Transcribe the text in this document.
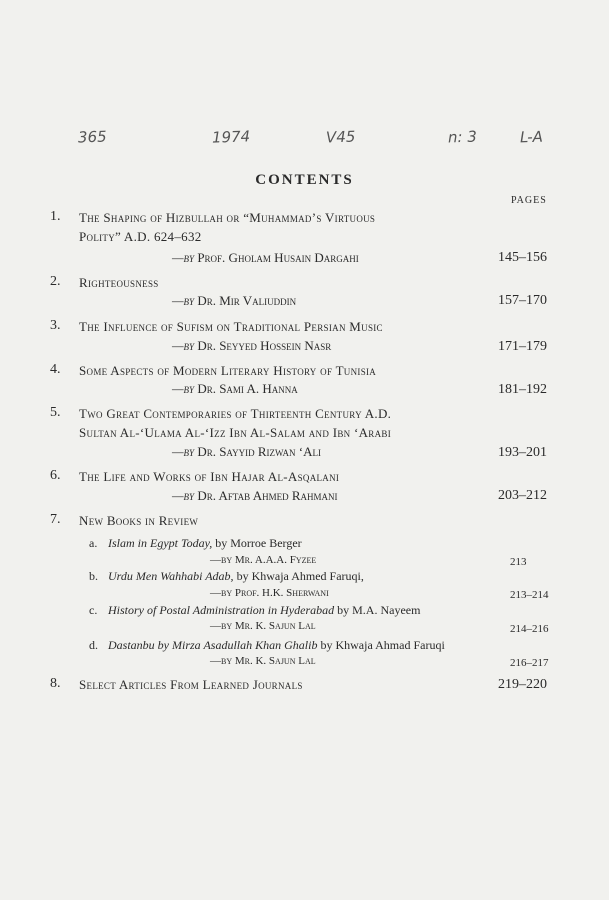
365	1974	V45	n: 3	L-A
CONTENTS
PAGES
1. The Shaping of Hizbullah or “Muhammad’s Virtuous
Polity” A.D. 624–632
—by Prof. Gholam Husain Dargahi	145–156
2. Righteousness
—by Dr. Mir Valiuddin	157–170
3. The Influence of Sufism on Traditional Persian Music
—by Dr. Seyyed Hossein Nasr	171–179
4. Some Aspects of Modern Literary History of Tunisia
—by Dr. Sami A. Hanna	181–192
5. Two Great Contemporaries of Thirteenth Century A.D.
Sultan Al-‘Ulama Al-‘Izz Ibn Al-Salam and Ibn ‘Arabi
—by Dr. Sayyid Rizwan ‘Ali	193–201
6. The Life and Works of Ibn Hajar Al-Asqalani
—by Dr. Aftab Ahmed Rahmani	203–212
7. New Books in Review
a. Islam in Egypt Today, by Morroe Berger
—by Mr. A.A.A. Fyzee	213
b. Urdu Men Wahhabi Adab, by Khwaja Ahmed Faruqi,
—by Prof. H.K. Sherwani	213–214
c. History of Postal Administration in Hyderabad by M.A. Nayeem
—by Mr. K. Sajun Lal	214–216
d. Dastanbu by Mirza Asadullah Khan Ghalib by Khwaja Ahmad Faruqi
—by Mr. K. Sajun Lal	216–217
8. Select Articles From Learned Journals	219–220
